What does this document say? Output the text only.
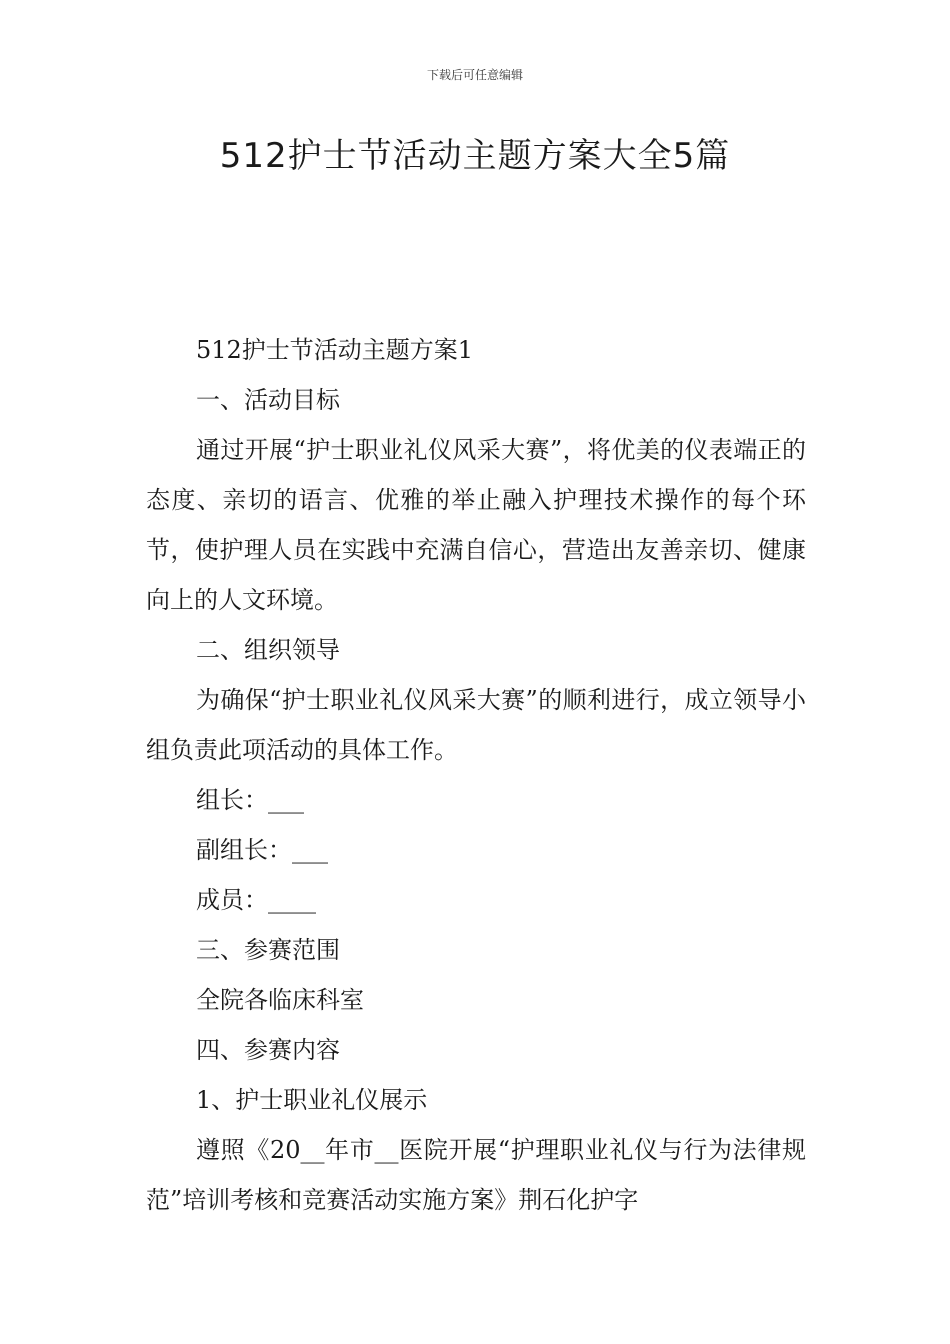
下载后可任意编辑
512护士节活动主题方案大全5篇

512护士节活动主题方案1

一、活动目标

通过开展“护士职业礼仪风采大赛”，将优美的仪表端正的态度、亲切的语言、优雅的举止融入护理技术操作的每个环节，使护理人员在实践中充满自信心，营造出友善亲切、健康向上的人文环境。

二、组织领导

为确保“护士职业礼仪风采大赛”的顺利进行，成立领导小组负责此项活动的具体工作。

组长：___

副组长：___

成员：____

三、参赛范围

全院各临床科室

四、参赛内容

1、护士职业礼仪展示

遵照《20__年市__医院开展“护理职业礼仪与行为法律规范”培训考核和竞赛活动实施方案》荆石化护字
